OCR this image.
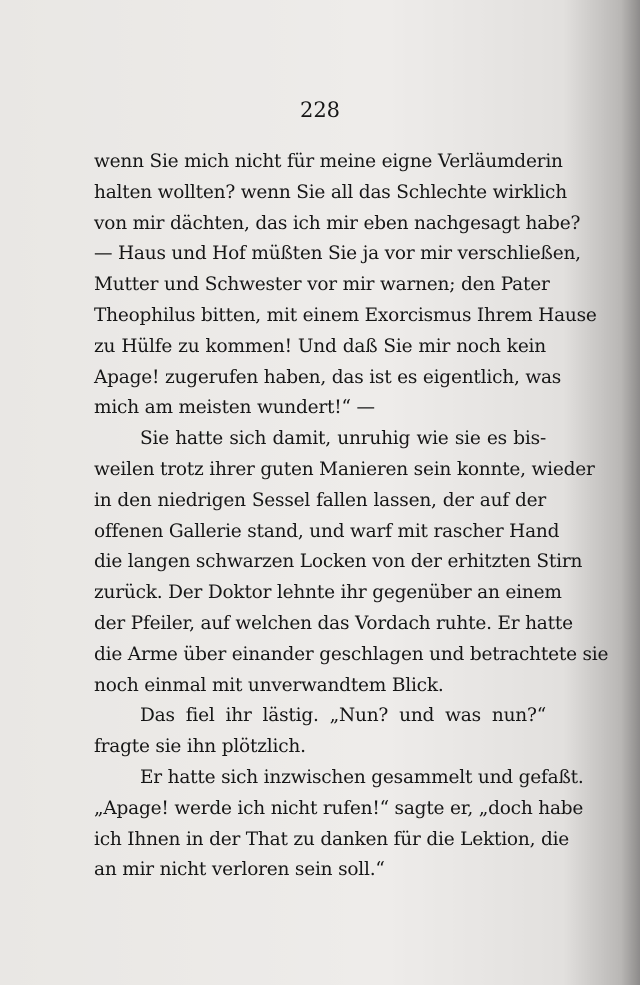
228
wenn Sie mich nicht für meine eigne Verläumderin
halten wollten? wenn Sie all das Schlechte wirklich
von mir dächten, das ich mir eben nachgesagt habe?
— Haus und Hof müßten Sie ja vor mir verschließen,
Mutter und Schwester vor mir warnen; den Pater
Theophilus bitten, mit einem Exorcismus Ihrem Hause
zu Hülfe zu kommen! Und daß Sie mir noch kein
Apage! zugerufen haben, das ist es eigentlich, was
mich am meisten wundert!“ —
Sie hatte sich damit, unruhig wie sie es bis-
weilen trotz ihrer guten Manieren sein konnte, wieder
in den niedrigen Sessel fallen lassen, der auf der
offenen Gallerie stand, und warf mit rascher Hand
die langen schwarzen Locken von der erhitzten Stirn
zurück. Der Doktor lehnte ihr gegenüber an einem
der Pfeiler, auf welchen das Vordach ruhte. Er hatte
die Arme über einander geschlagen und betrachtete sie
noch einmal mit unverwandtem Blick.
Das fiel ihr lästig. „Nun? und was nun?“
fragte sie ihn plötzlich.
Er hatte sich inzwischen gesammelt und gefaßt.
„Apage! werde ich nicht rufen!“ sagte er, „doch habe
ich Ihnen in der That zu danken für die Lektion, die
an mir nicht verloren sein soll.“
